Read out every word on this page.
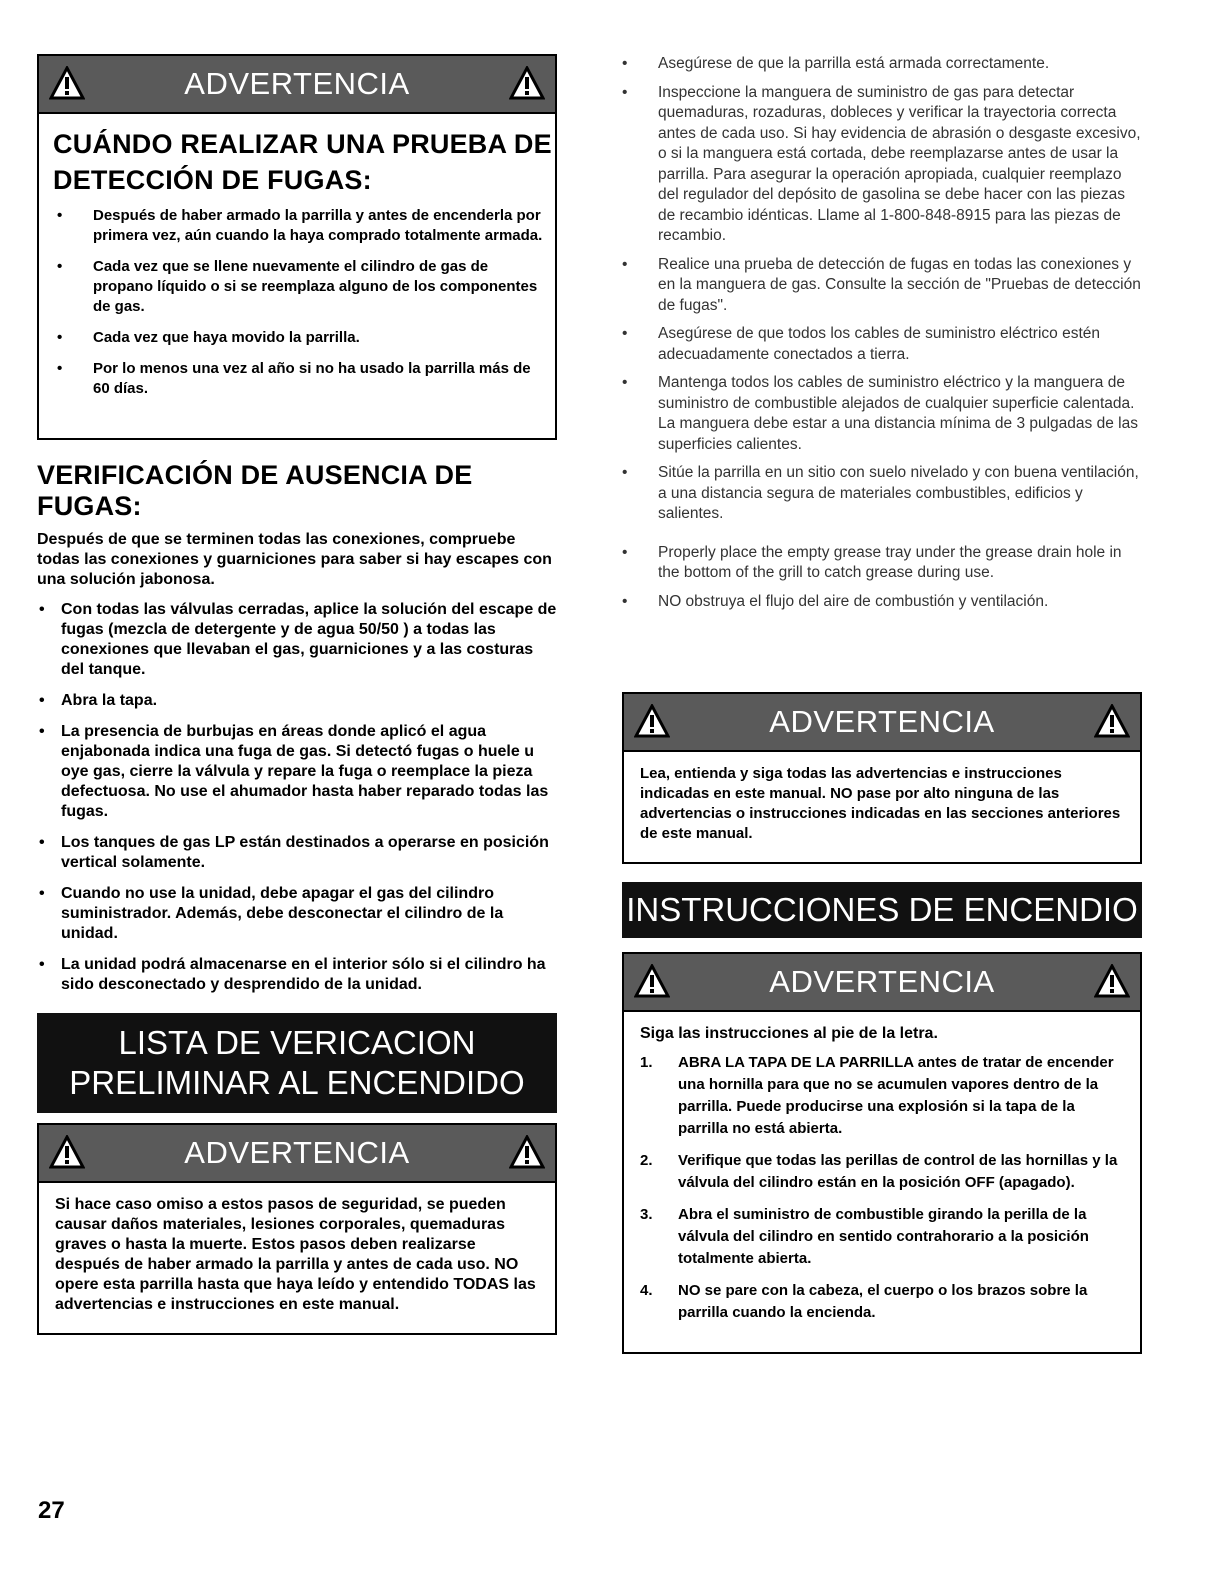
ADVERTENCIA
CUÁNDO REALIZAR UNA PRUEBA DE DETECCIÓN DE FUGAS:
• Después de haber armado la parrilla y antes de encenderla por primera vez, aún cuando la haya comprado totalmente armada.
• Cada vez que se llene nuevamente el cilindro de gas de propano líquido o si se reemplaza alguno de los componentes de gas.
• Cada vez que haya movido la parrilla.
• Por lo menos una vez al año si no ha usado la parrilla más de 60 días.
VERIFICACIÓN DE AUSENCIA DE FUGAS:

Después de que se terminen todas las conexiones, compruebe todas las conexiones y guarniciones para saber si hay escapes con una solución jabonosa.

• Con todas las válvulas cerradas, aplice la solución del escape de fugas (mezcla de detergente y de agua 50/50 ) a todas las conexiones que llevaban el gas, guarniciones y a las costuras del tanque.
• Abra la tapa.
• La presencia de burbujas en áreas donde aplicó el agua enjabonada indica una fuga de gas. Si detectó fugas o huele u oye gas, cierre la válvula y repare la fuga o reemplace la pieza defectuosa. No use el ahumador hasta haber reparado todas las fugas.
• Los tanques de gas LP están destinados a operarse en posición vertical solamente.
• Cuando no use la unidad, debe apagar el gas del cilindro suministrador. Además, debe desconectar el cilindro de la unidad.
• La unidad podrá almacenarse en el interior sólo si el cilindro ha sido desconectado y desprendido de la unidad.
LISTA DE VERICACION
PRELIMINAR AL ENCENDIDO
ADVERTENCIA

Si hace caso omiso a estos pasos de seguridad, se pueden causar daños materiales, lesiones corporales, quemaduras graves o hasta la muerte. Estos pasos deben realizarse después de haber armado la parrilla y antes de cada uso. NO opere esta parrilla hasta que haya leído y entendido TODAS las advertencias e instrucciones en este manual.

• Asegúrese de que la parrilla está armada correctamente.
• Inspeccione la manguera de suministro de gas para detectar quemaduras, rozaduras, dobleces y verificar la trayectoria correcta antes de cada uso. Si hay evidencia de abrasión o desgaste excesivo, o si la manguera está cortada, debe reemplazarse antes de usar la parrilla. Para asegurar la operación apropiada, cualquier reemplazo del regulador del depósito de gasolina se debe hacer con las piezas de recambio idénticas. Llame al 1-800-848-8915 para las piezas de recambio.
• Realice una prueba de detección de fugas en todas las conexiones y en la manguera de gas. Consulte la sección de "Pruebas de detección de fugas".
• Asegúrese de que todos los cables de suministro eléctrico estén adecuadamente conectados a tierra.
• Mantenga todos los cables de suministro eléctrico y la manguera de suministro de combustible alejados de cualquier superficie calentada. La manguera debe estar a una distancia mínima de 3 pulgadas de las superficies calientes.
• Sitúe la parrilla en un sitio con suelo nivelado y con buena ventilación, a una distancia segura de materiales combustibles, edificios y salientes.
• Properly place the empty grease tray under the grease drain hole in the bottom of the grill to catch grease during use.
• NO obstruya el flujo del aire de combustión y ventilación.
ADVERTENCIA

Lea, entienda y siga todas las advertencias e instrucciones indicadas en este manual. NO pase por alto ninguna de las advertencias o instrucciones indicadas en las secciones anteriores de este manual.

INSTRUCCIONES DE ENCENDIO
ADVERTENCIA

Siga las instrucciones al pie de la letra.

1. ABRA LA TAPA DE LA PARRILLA antes de tratar de encender una hornilla para que no se acumulen vapores dentro de la parrilla. Puede producirse una explosión si la tapa de la parrilla no está abierta.
2. Verifique que todas las perillas de control de las hornillas y la válvula del cilindro están en la posición OFF (apagado).
3. Abra el suministro de combustible girando la perilla de la válvula del cilindro en sentido contrahorario a la posición totalmente abierta.
4. NO se pare con la cabeza, el cuerpo o los brazos sobre la parrilla cuando la encienda.
27
